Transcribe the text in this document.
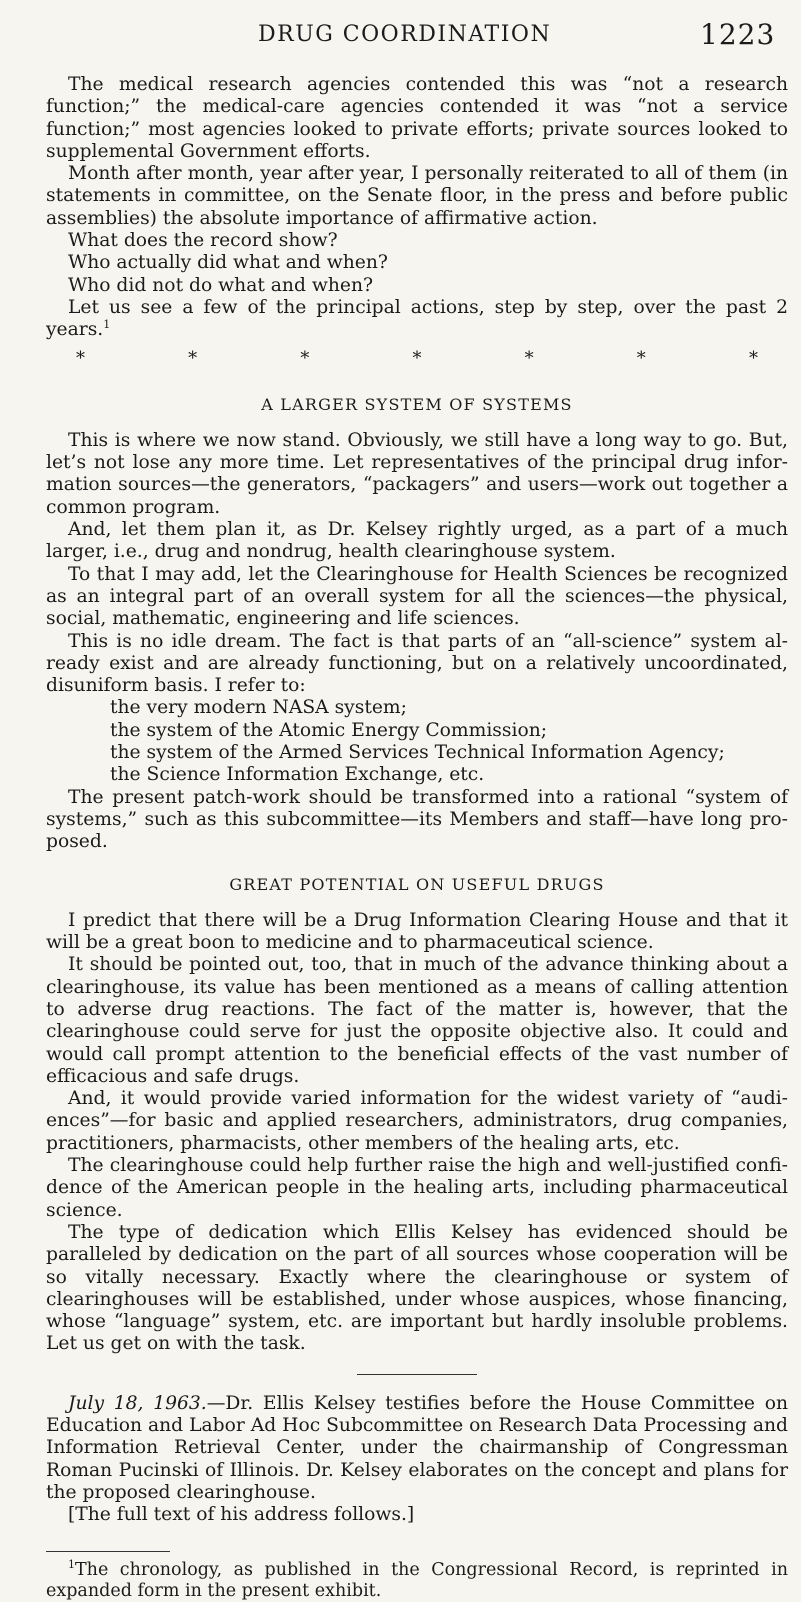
DRUG COORDINATION	1223

The medical research agencies contended this was “not a research function;” the medical-care agencies contended it was “not a service function;” most agencies looked to private efforts; private sources looked to supplemental Government efforts.

Month after month, year after year, I personally reiterated to all of them (in statements in committee, on the Senate floor, in the press and before public assemblies) the absolute importance of affirmative action.

What does the record show?

Who actually did what and when?

Who did not do what and when?

Let us see a few of the principal actions, step by step, over the past 2 years.$^1$

*	*	*	*	*	*	*
A LARGER SYSTEM OF SYSTEMS

This is where we now stand. Obviously, we still have a long way to go. But, let’s not lose any more time. Let representatives of the principal drug information sources—the generators, “packagers” and users—work out together a common program.

And, let them plan it, as Dr. Kelsey rightly urged, as a part of a much larger, i.e., drug and nondrug, health clearinghouse system.

To that I may add, let the Clearinghouse for Health Sciences be recognized as an integral part of an overall system for all the sciences—the physical, social, mathematic, engineering and life sciences.

This is no idle dream. The fact is that parts of an “all-science” system already exist and are already functioning, but on a relatively uncoordinated, disuniform basis. I refer to:

the very modern NASA system;
the system of the Atomic Energy Commission;
the system of the Armed Services Technical Information Agency;
the Science Information Exchange, etc.

The present patch-work should be transformed into a rational “system of systems,” such as this subcommittee—its Members and staff—have long proposed.

GREAT POTENTIAL ON USEFUL DRUGS

I predict that there will be a Drug Information Clearing House and that it will be a great boon to medicine and to pharmaceutical science.

It should be pointed out, too, that in much of the advance thinking about a clearinghouse, its value has been mentioned as a means of calling attention to adverse drug reactions. The fact of the matter is, however, that the clearinghouse could serve for just the opposite objective also. It could and would call prompt attention to the beneficial effects of the vast number of efficacious and safe drugs.

And, it would provide varied information for the widest variety of “audiences”—for basic and applied researchers, administrators, drug companies, practitioners, pharmacists, other members of the healing arts, etc.

The clearinghouse could help further raise the high and well-justified confidence of the American people in the healing arts, including pharmaceutical science.

The type of dedication which Ellis Kelsey has evidenced should be paralleled by dedication on the part of all sources whose cooperation will be so vitally necessary. Exactly where the clearinghouse or system of clearinghouses will be established, under whose auspices, whose financing, whose “language” system, etc. are important but hardly insoluble problems. Let us get on with the task.

July 18, 1963.—Dr. Ellis Kelsey testifies before the House Committee on Education and Labor Ad Hoc Subcommittee on Research Data Processing and Information Retrieval Center, under the chairmanship of Congressman Roman Pucinski of Illinois. Dr. Kelsey elaborates on the concept and plans for the proposed clearinghouse.

[The full text of his address follows.]

$^1$The chronology, as published in the Congressional Record, is reprinted in expanded form in the present exhibit.
